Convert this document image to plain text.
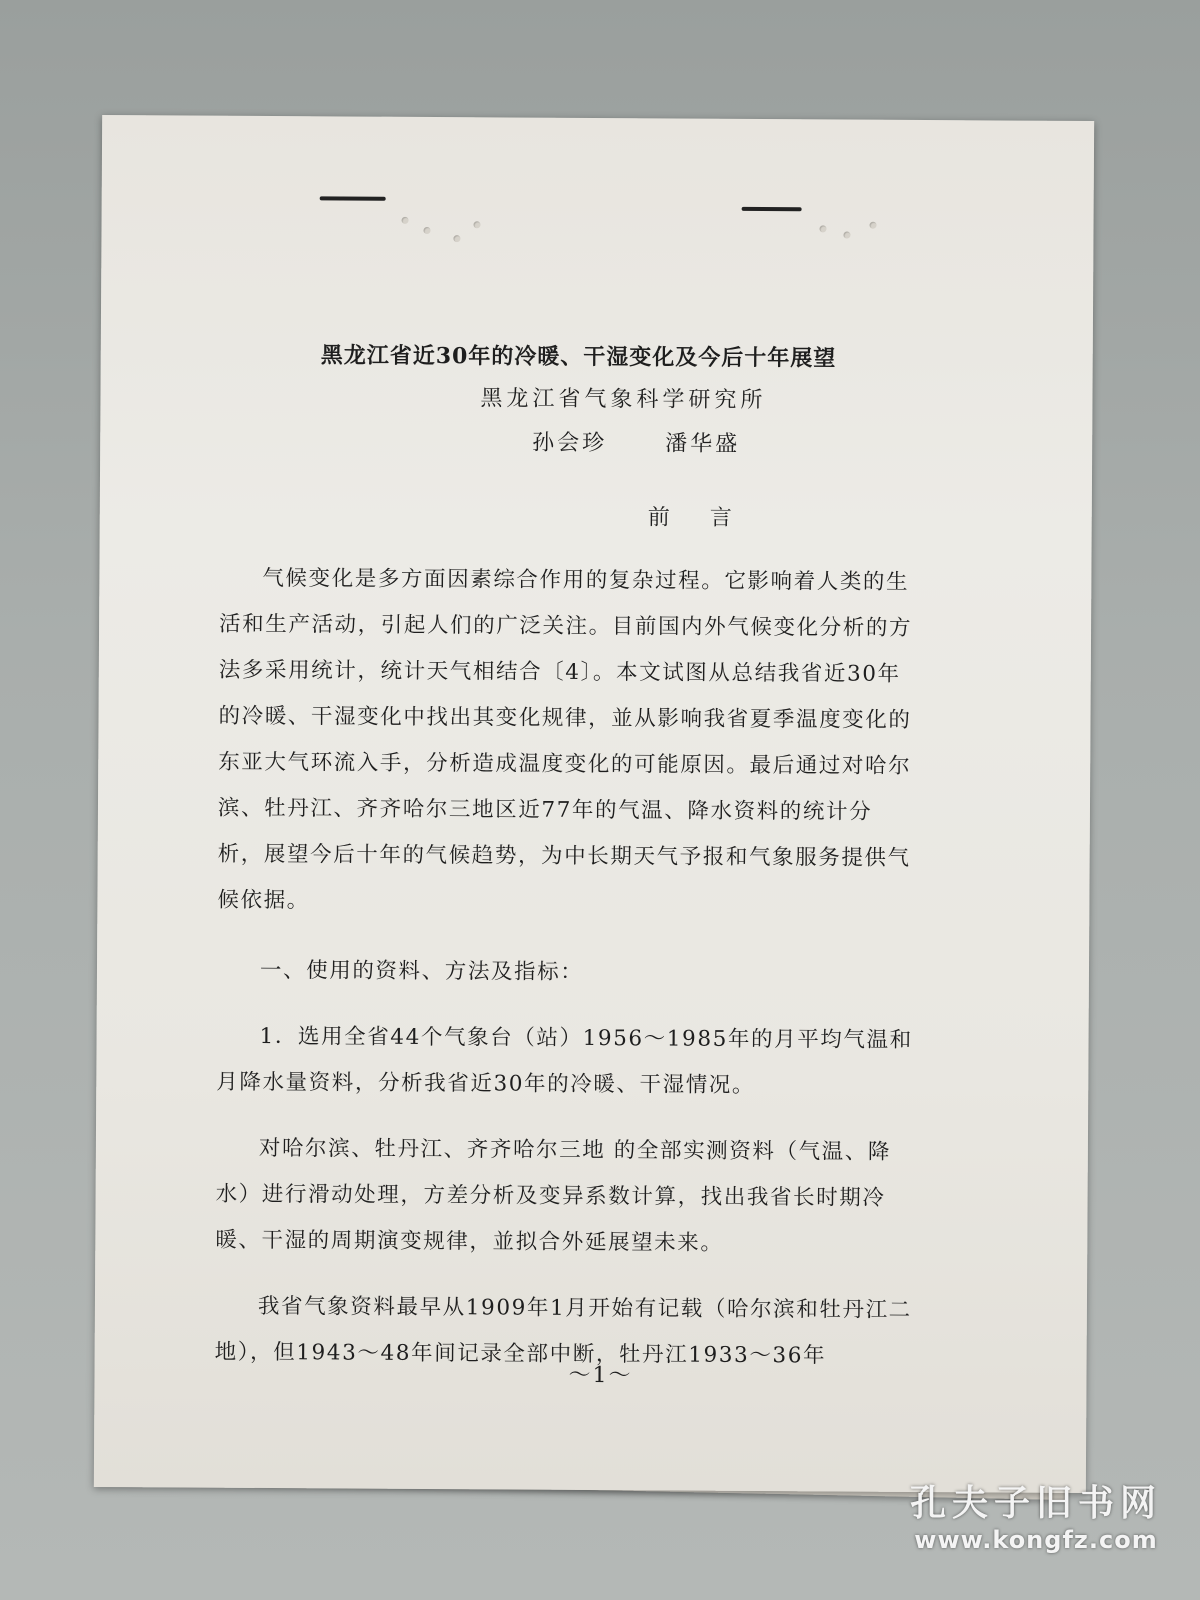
黑龙江省近30年的冷暖、干湿变化及今后十年展望
黑龙江省气象科学研究所
孙会珍	潘华盛
前言

气候变化是多方面因素综合作用的复杂过程。它影响着人类的生活和生产活动，引起人们的广泛关注。目前国内外气候变化分析的方法多采用统计，统计天气相结合〔4〕。本文试图从总结我省近30年的冷暖、干湿变化中找出其变化规律，並从影响我省夏季温度变化的东亚大气环流入手，分析造成温度变化的可能原因。最后通过对哈尔滨、牡丹江、齐齐哈尔三地区近77年的气温、降水资料的统计分析，展望今后十年的气候趋势，为中长期天气予报和气象服务提供气候依据。

一、使用的资料、方法及指标：

1．选用全省44个气象台（站）1956～1985年的月平均气温和月降水量资料，分析我省近30年的冷暖、干湿情况。

对哈尔滨、牡丹江、齐齐哈尔三地 的全部实测资料（气温、降水）进行滑动处理，方差分析及变异系数计算，找出我省长时期冷暖、干湿的周期演变规律，並拟合外延展望未来。

我省气象资料最早从1909年1月开始有记载（哈尔滨和牡丹江二地），但1943～48年间记录全部中断，牡丹江1933～36年

～1～
孔夫子旧书网
www.kongfz.com
